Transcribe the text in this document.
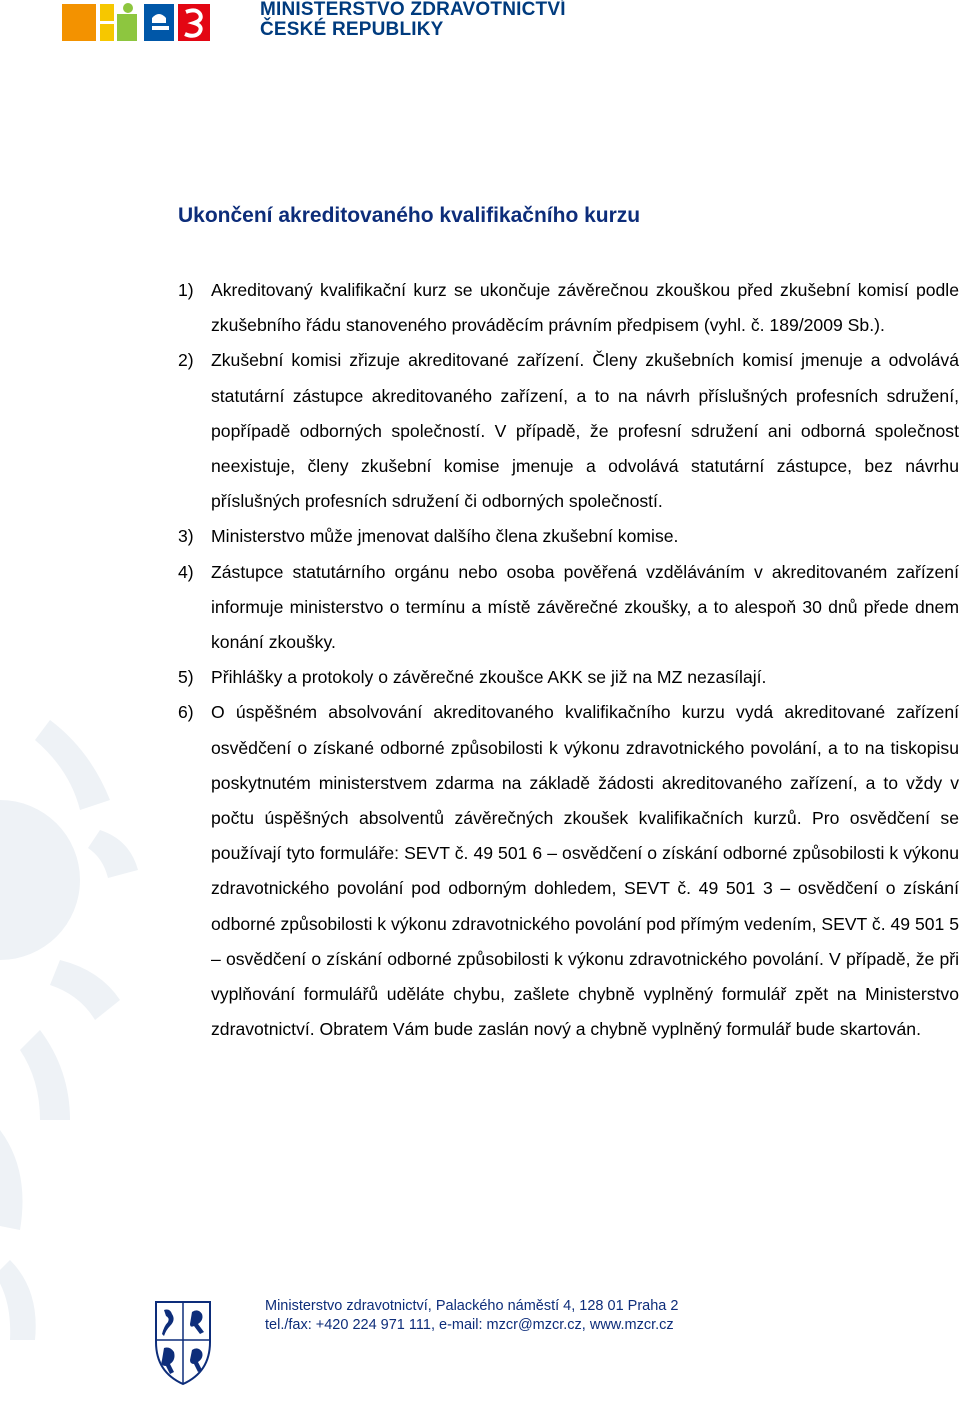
MINISTERSTVO ZDRAVOTNICTVÍ
ČESKÉ REPUBLIKY
Ukončení akreditovaného kvalifikačního kurzu
1) Akreditovaný kvalifikační kurz se ukončuje závěrečnou zkouškou před zkušební komisí podle zkušebního řádu stanoveného prováděcím právním předpisem (vyhl. č. 189/2009 Sb.).
2) Zkušební komisi zřizuje akreditované zařízení. Členy zkušebních komisí jmenuje a odvolává statutární zástupce akreditovaného zařízení, a to na návrh příslušných profesních sdružení, popřípadě odborných společností. V případě, že profesní sdružení ani odborná společnost neexistuje, členy zkušební komise jmenuje a odvolává statutární zástupce, bez návrhu příslušných profesních sdružení či odborných společností.
3) Ministerstvo může jmenovat dalšího člena zkušební komise.
4) Zástupce statutárního orgánu nebo osoba pověřená vzděláváním v akreditovaném zařízení informuje ministerstvo o termínu a místě závěrečné zkoušky, a to alespoň 30 dnů přede dnem konání zkoušky.
5) Přihlášky a protokoly o závěrečné zkoušce AKK se již na MZ nezasílají.
6) O úspěšném absolvování akreditovaného kvalifikačního kurzu vydá akreditované zařízení osvědčení o získané odborné způsobilosti k výkonu zdravotnického povolání, a to na tiskopisu poskytnutém ministerstvem zdarma na základě žádosti akreditovaného zařízení, a to vždy v počtu úspěšných absolventů závěrečných zkoušek kvalifikačních kurzů. Pro osvědčení se používají tyto formuláře: SEVT č. 49 501 6 – osvědčení o získání odborné způsobilosti k výkonu zdravotnického povolání pod odborným dohledem, SEVT č. 49 501 3 – osvědčení o získání odborné způsobilosti k výkonu zdravotnického povolání pod přímým vedením, SEVT č. 49 501 5 – osvědčení o získání odborné způsobilosti k výkonu zdravotnického povolání. V případě, že při vyplňování formulářů uděláte chybu, zašlete chybně vyplněný formulář zpět na Ministerstvo zdravotnictví. Obratem Vám bude zaslán nový a chybně vyplněný formulář bude skartován.
Ministerstvo zdravotnictví, Palackého náměstí 4, 128 01 Praha 2
tel./fax: +420 224 971 111, e-mail: mzcr@mzcr.cz, www.mzcr.cz
